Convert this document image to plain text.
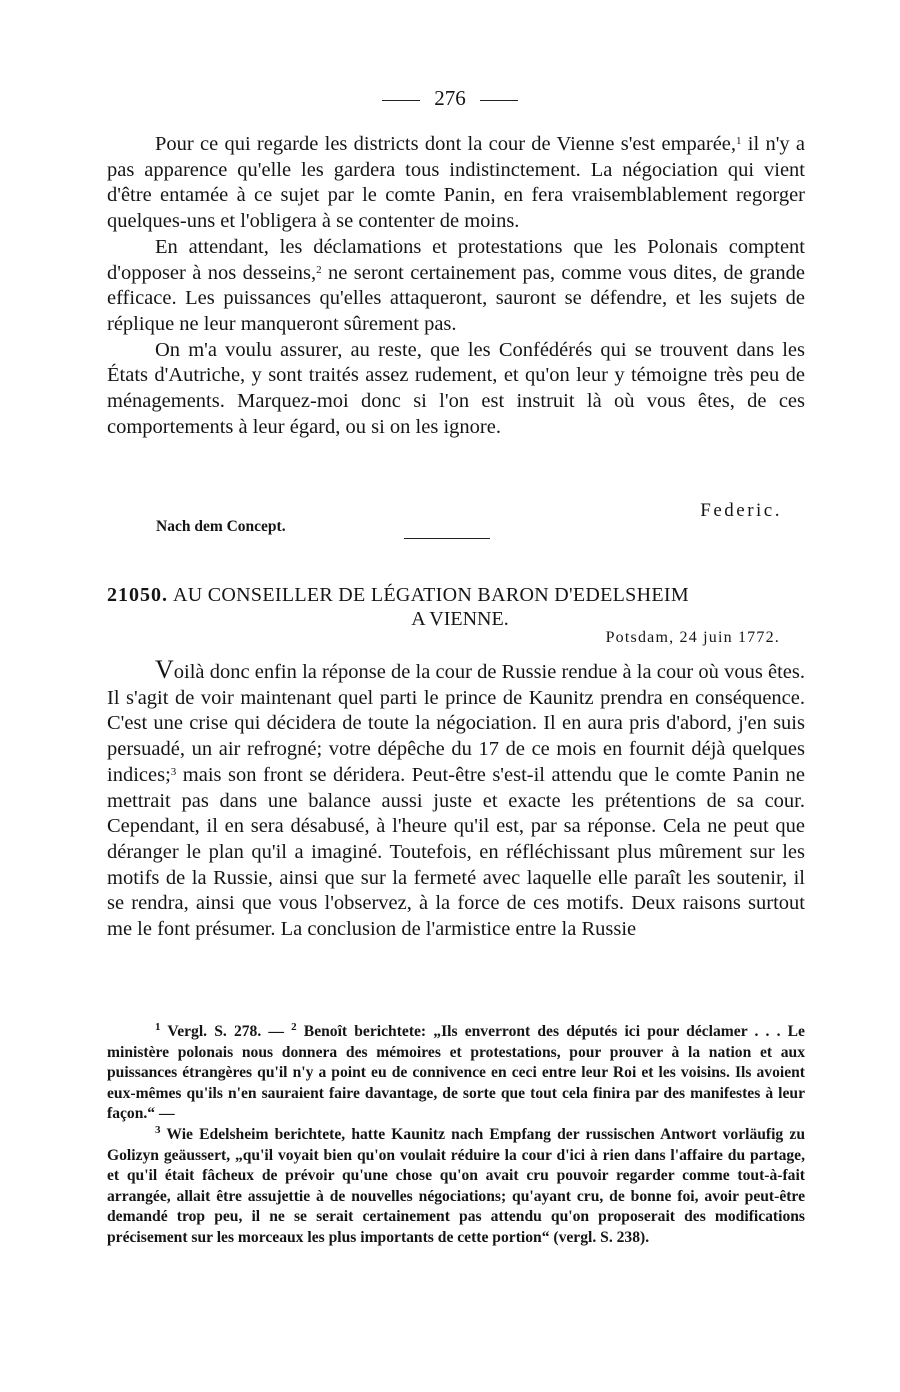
276

Pour ce qui regarde les districts dont la cour de Vienne s'est emparée,$^1$ il n'y a pas apparence qu'elle les gardera tous indistinctement. La négociation qui vient d'être entamée à ce sujet par le comte Panin, en fera vraisemblablement regorger quelques-uns et l'obligera à se contenter de moins.

En attendant, les déclamations et protestations que les Polonais comptent d'opposer à nos desseins,$^2$ ne seront certainement pas, comme vous dites, de grande efficace. Les puissances qu'elles attaqueront, sauront se défendre, et les sujets de réplique ne leur manqueront sûrement pas.

On m'a voulu assurer, au reste, que les Confédérés qui se trouvent dans les États d'Autriche, y sont traités assez rudement, et qu'on leur y témoigne très peu de ménagements. Marquez-moi donc si l'on est instruit là où vous êtes, de ces comportements à leur égard, ou si on les ignore.

Federic.
Nach dem Concept.
21050. AU CONSEILLER DE LÉGATION BARON D'EDELSHEIM
A VIENNE.
Potsdam, 24 juin 1772.

Voilà donc enfin la réponse de la cour de Russie rendue à la cour où vous êtes. Il s'agit de voir maintenant quel parti le prince de Kaunitz prendra en conséquence. C'est une crise qui décidera de toute la négociation. Il en aura pris d'abord, j'en suis persuadé, un air refrogné; votre dépêche du 17 de ce mois en fournit déjà quelques indices;$^3$ mais son front se déridera. Peut-être s'est-il attendu que le comte Panin ne mettrait pas dans une balance aussi juste et exacte les prétentions de sa cour. Cependant, il en sera désabusé, à l'heure qu'il est, par sa réponse. Cela ne peut que déranger le plan qu'il a imaginé. Toutefois, en réfléchissant plus mûrement sur les motifs de la Russie, ainsi que sur la fermeté avec laquelle elle paraît les soutenir, il se rendra, ainsi que vous l'observez, à la force de ces motifs. Deux raisons surtout me le font présumer. La conclusion de l'armistice entre la Russie

$^1$ Vergl. S. 278. — $^2$ Benoît berichtete: „Ils enverront des députés ici pour déclamer . . . Le ministère polonais nous donnera des mémoires et protestations, pour prouver à la nation et aux puissances étrangères qu'il n'y a point eu de connivence en ceci entre leur Roi et les voisins. Ils avoient eux-mêmes qu'ils n'en sauraient faire davantage, de sorte que tout cela finira par des manifestes à leur façon.“ —

$^3$ Wie Edelsheim berichtete, hatte Kaunitz nach Empfang der russischen Antwort vorläufig zu Golizyn geäussert, „qu'il voyait bien qu'on voulait réduire la cour d'ici à rien dans l'affaire du partage, et qu'il était fâcheux de prévoir qu'une chose qu'on avait cru pouvoir regarder comme tout-à-fait arrangée, allait être assujettie à de nouvelles négociations; qu'ayant cru, de bonne foi, avoir peut-être demandé trop peu, il ne se serait certainement pas attendu qu'on proposerait des modifications précisement sur les morceaux les plus importants de cette portion“ (vergl. S. 238).
